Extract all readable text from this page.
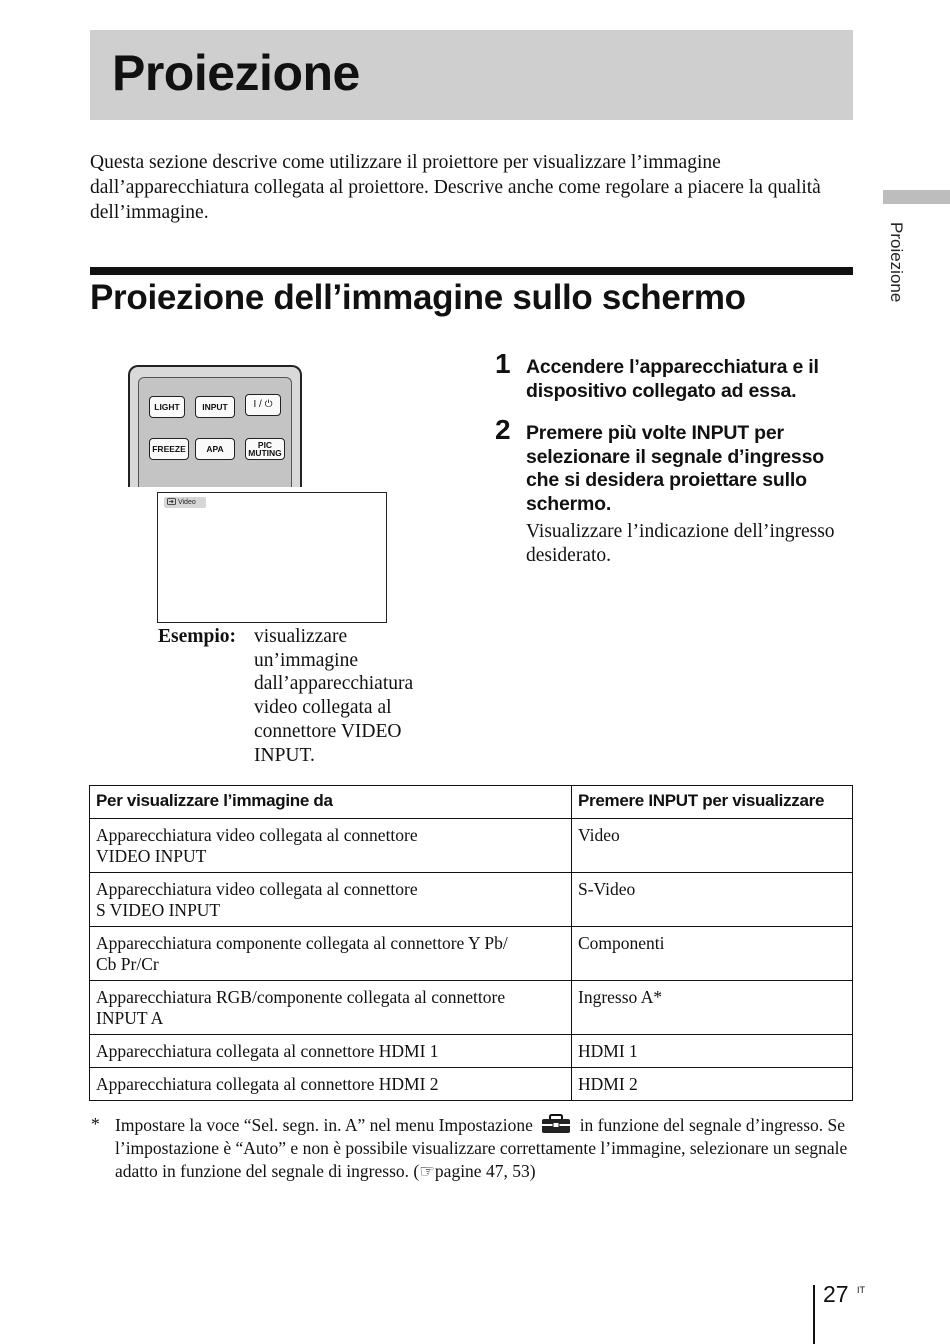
Proiezione

Questa sezione descrive come utilizzare il proiettore per visualizzare l’immagine dall’apparecchiatura collegata al proiettore. Descrive anche come regolare a piacere la qualità dell’immagine.

Proiezione
Proiezione dell’immagine sullo schermo
LIGHT	INPUT	I / ⏻
FREEZE	APA	PIC
MUTING
Video
Esempio: visualizzare un’immagine dall’apparecchiatura video collegata al connettore VIDEO INPUT.
1 Accendere l’apparecchiatura e il dispositivo collegato ad essa.
2 Premere più volte INPUT per selezionare il segnale d’ingresso che si desidera proiettare sullo schermo.
Visualizzare l’indicazione dell’ingresso desiderato.
Per visualizzare l’immagine da	Premere INPUT per visualizzare
Apparecchiatura video collegata al connettore
VIDEO INPUT	Video
Apparecchiatura video collegata al connettore
S VIDEO INPUT	S-Video
Apparecchiatura componente collegata al connettore Y Pb/
Cb Pr/Cr	Componenti
Apparecchiatura RGB/componente collegata al connettore
INPUT A	Ingresso A*
Apparecchiatura collegata al connettore HDMI 1	HDMI 1
Apparecchiatura collegata al connettore HDMI 2	HDMI 2
* Impostare la voce “Sel. segn. in. A” nel menu Impostazione	in funzione del segnale d’ingresso. Se l’impostazione è “Auto” e non è possibile visualizzare correttamente l’immagine, selezionare un segnale adatto in funzione del segnale di ingresso. (☞pagine 47, 53)

27 IT
